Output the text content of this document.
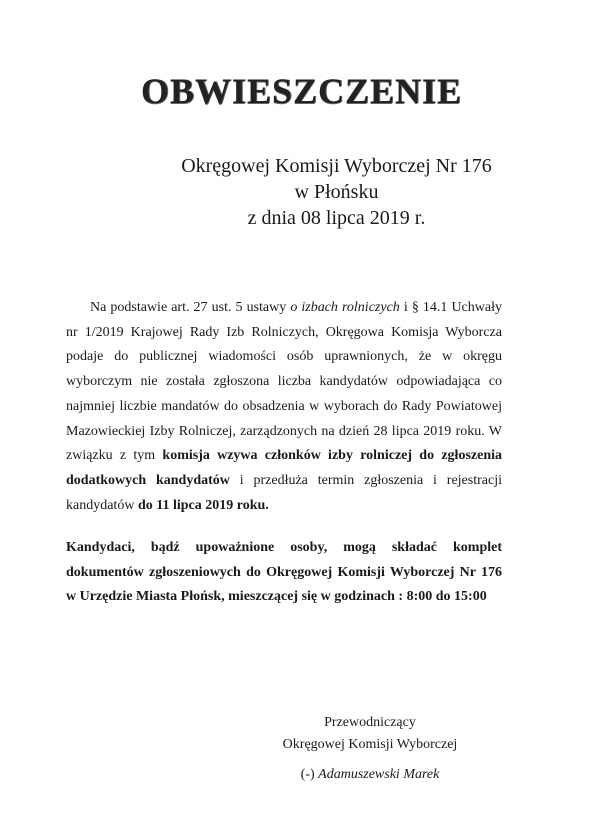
OBWIESZCZENIE
Okręgowej Komisji Wyborczej Nr 176
w Płońsku
z dnia 08 lipca 2019 r.
Na podstawie art. 27 ust. 5 ustawy o izbach rolniczych i § 14.1 Uchwały nr 1/2019 Krajowej Rady Izb Rolniczych, Okręgowa Komisja Wyborcza podaje do publicznej wiadomości osób uprawnionych, że w okręgu wyborczym nie została zgłoszona liczba kandydatów odpowiadająca co najmniej liczbie mandatów do obsadzenia w wyborach do Rady Powiatowej Mazowieckiej Izby Rolniczej, zarządzonych na dzień 28 lipca 2019 roku. W związku z tym komisja wzywa członków izby rolniczej do zgłoszenia dodatkowych kandydatów i przedłuża termin zgłoszenia i rejestracji kandydatów do 11 lipca 2019 roku.
Kandydaci, bądź upoważnione osoby, mogą składać komplet dokumentów zgłoszeniowych do Okręgowej Komisji Wyborczej Nr 176 w Urzędzie Miasta Płońsk, mieszczącej się w godzinach : 8:00 do 15:00
Przewodniczący
Okręgowej Komisji Wyborczej
(-) Adamuszewski Marek
